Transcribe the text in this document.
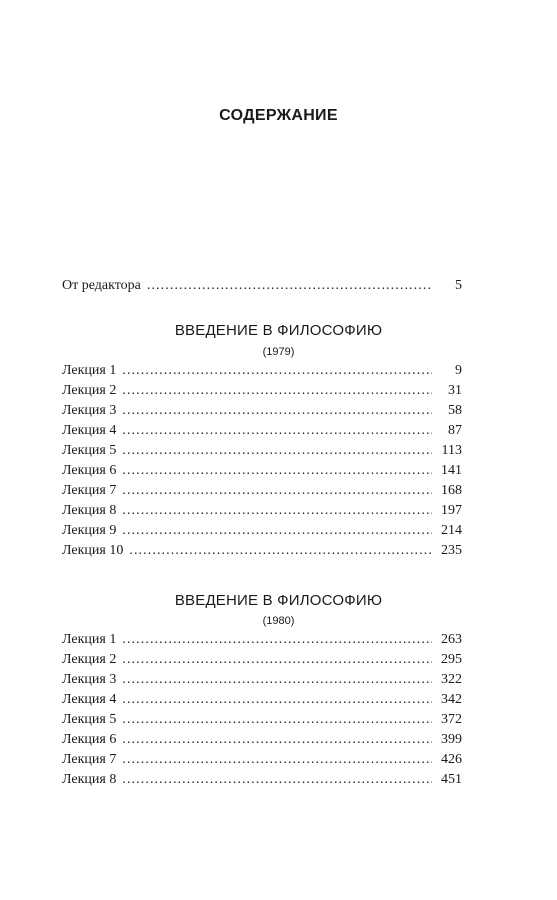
СОДЕРЖАНИЕ
От редактора . . .	5
ВВЕДЕНИЕ В ФИЛОСОФИЮ
(1979)
Лекция 1 . . .	9
Лекция 2 . . .	31
Лекция 3 . . .	58
Лекция 4 . . .	87
Лекция 5 . . .	113
Лекция 6 . . .	141
Лекция 7 . . .	168
Лекция 8 . . .	197
Лекция 9 . . .	214
Лекция 10 . . .	235
ВВЕДЕНИЕ В ФИЛОСОФИЮ
(1980)
Лекция 1 . . .	263
Лекция 2 . . .	295
Лекция 3 . . .	322
Лекция 4 . . .	342
Лекция 5 . . .	372
Лекция 6 . . .	399
Лекция 7 . . .	426
Лекция 8 . . .	451
